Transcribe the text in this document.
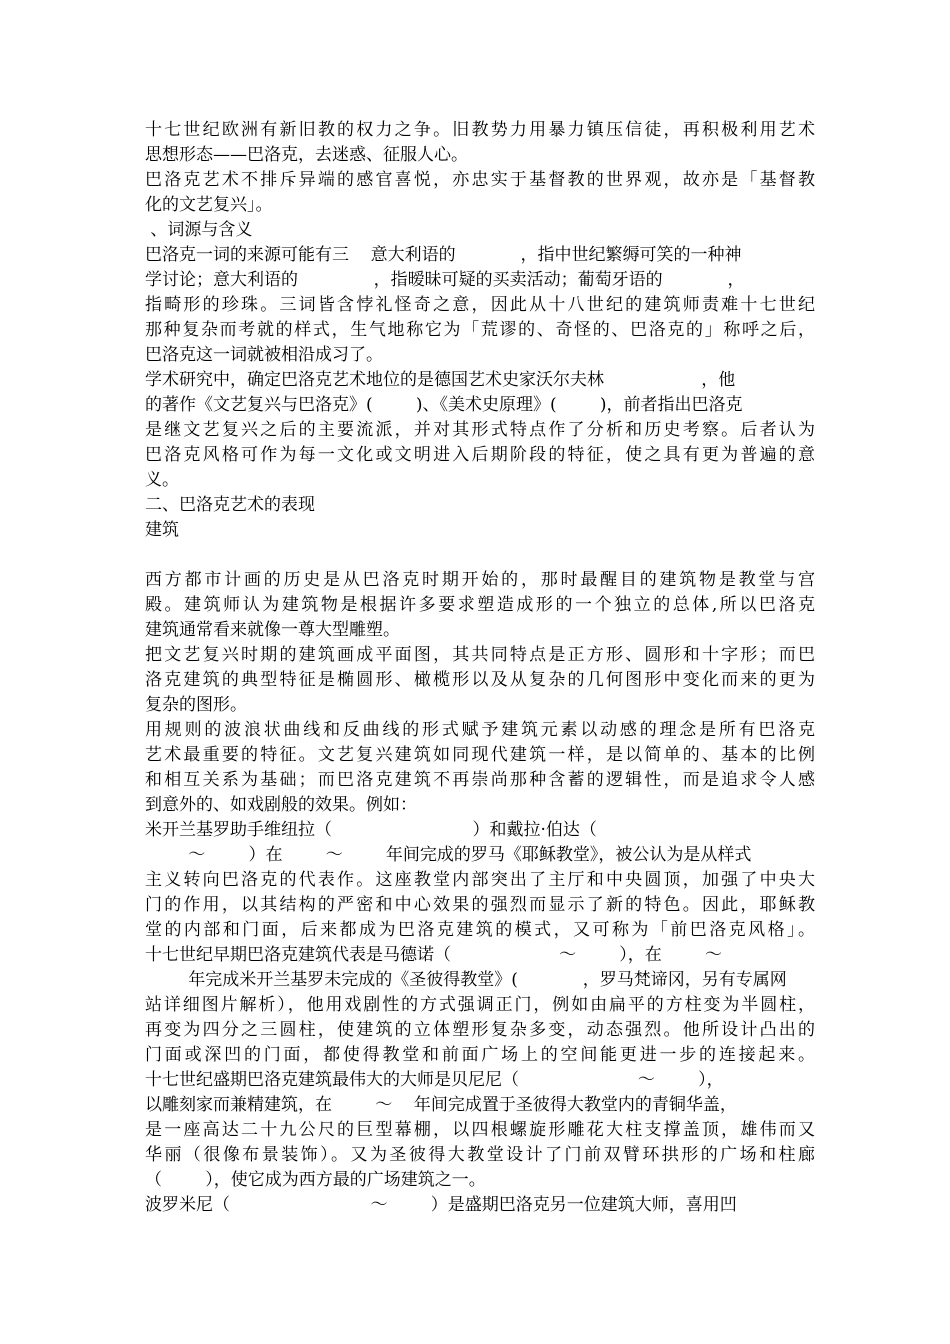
十七世纪欧洲有新旧教的权力之争。旧教势力用暴力镇压信徒，再积极利用艺术
思想形态——巴洛克，去迷惑、征服人心。
巴洛克艺术不排斥异端的感官喜悦，亦忠实于基督教的世界观，故亦是「基督教
化的文艺复兴」。
、词源与含义
巴洛克一词的来源可能有三    意大利语的            ，指中世纪繁缛可笑的一种神
学讨论；意大利语的              ，指暧昧可疑的买卖活动；葡萄牙语的            ，
指畸形的珍珠。三词皆含悖礼怪奇之意，因此从十八世纪的建筑师责难十七世纪
那种复杂而考就的样式，生气地称它为「荒谬的、奇怪的、巴洛克的」称呼之后，
巴洛克这一词就被相沿成习了。
学术研究中，确定巴洛克艺术地位的是德国艺术史家沃尔夫林                  ，他
的著作《文艺复兴与巴洛克》(        )、《美术史原理》(        )，前者指出巴洛克
是继文艺复兴之后的主要流派，并对其形式特点作了分析和历史考察。后者认为
巴洛克风格可作为每一文化或文明进入后期阶段的特征，使之具有更为普遍的意
义。
二、巴洛克艺术的表现
建筑
西方都市计画的历史是从巴洛克时期开始的，那时最醒目的建筑物是教堂与宫
殿。建筑师认为建筑物是根据许多要求塑造成形的一个独立的总体,所以巴洛克
建筑通常看来就像一尊大型雕塑。
把文艺复兴时期的建筑画成平面图，其共同特点是正方形、圆形和十字形；而巴
洛克建筑的典型特征是椭圆形、橄榄形以及从复杂的几何图形中变化而来的更为
复杂的图形。
用规则的波浪状曲线和反曲线的形式赋予建筑元素以动感的理念是所有巴洛克
艺术最重要的特征。文艺复兴建筑如同现代建筑一样，是以简单的、基本的比例
和相互关系为基础；而巴洛克建筑不再崇尚那种含蓄的逻辑性，而是追求令人感
到意外的、如戏剧般的效果。例如：
米开兰基罗助手维纽拉（                          ）和戴拉·伯达（
～        ）在        ～        年间完成的罗马《耶稣教堂》，被公认为是从样式
主义转向巴洛克的代表作。这座教堂内部突出了主厅和中央圆顶，加强了中央大
门的作用，以其结构的严密和中心效果的强烈而显示了新的特色。因此，耶稣教
堂的内部和门面，后来都成为巴洛克建筑的模式，又可称为「前巴洛克风格」。
十七世纪早期巴洛克建筑代表是马德诺（                    ～        ），在        ～
年完成米开兰基罗未完成的《圣彼得教堂》(            ，罗马梵谛冈，另有专属网
站详细图片解析），他用戏剧性的方式强调正门，例如由扁平的方柱变为半圆柱，
再变为四分之三圆柱，使建筑的立体塑形复杂多变，动态强烈。他所设计凸出的
门面或深凹的门面，都使得教堂和前面广场上的空间能更进一步的连接起来。
十七世纪盛期巴洛克建筑最伟大的大师是贝尼尼（                      ～        ），
以雕刻家而兼精建筑，在        ～    年间完成置于圣彼得大教堂内的青铜华盖，
是一座高达二十九公尺的巨型幕棚，以四根螺旋形雕花大柱支撑盖顶，雄伟而又
华丽（很像布景装饰）。又为圣彼得大教堂设计了门前双臂环拱形的广场和柱廊
（        ），使它成为西方最的广场建筑之一。
波罗米尼（                          ～        ）是盛期巴洛克另一位建筑大师，喜用凹
